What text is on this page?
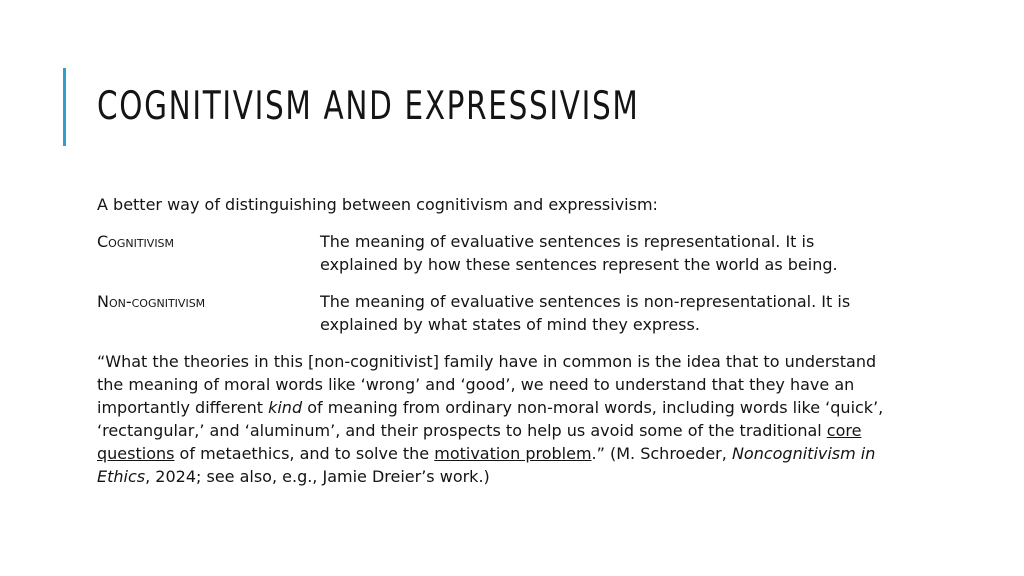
COGNITIVISM AND EXPRESSIVISM

A better way of distinguishing between cognitivism and expressivism:

Cognitivism	The meaning of evaluative sentences is representational. It is
explained by how these sentences represent the world as being.
Non-cognitivism	The meaning of evaluative sentences is non-representational. It is
explained by what states of mind they express.

“What the theories in this [non-cognitivist] family have in common is the idea that to understand the meaning of moral words like ‘wrong’ and ‘good’, we need to understand that they have an importantly different kind of meaning from ordinary non-moral words, including words like ‘quick’, ‘rectangular,’ and ‘aluminum’, and their prospects to help us avoid some of the traditional core questions of metaethics, and to solve the motivation problem.” (M. Schroeder, Noncognitivism in Ethics, 2024; see also, e.g., Jamie Dreier’s work.)
